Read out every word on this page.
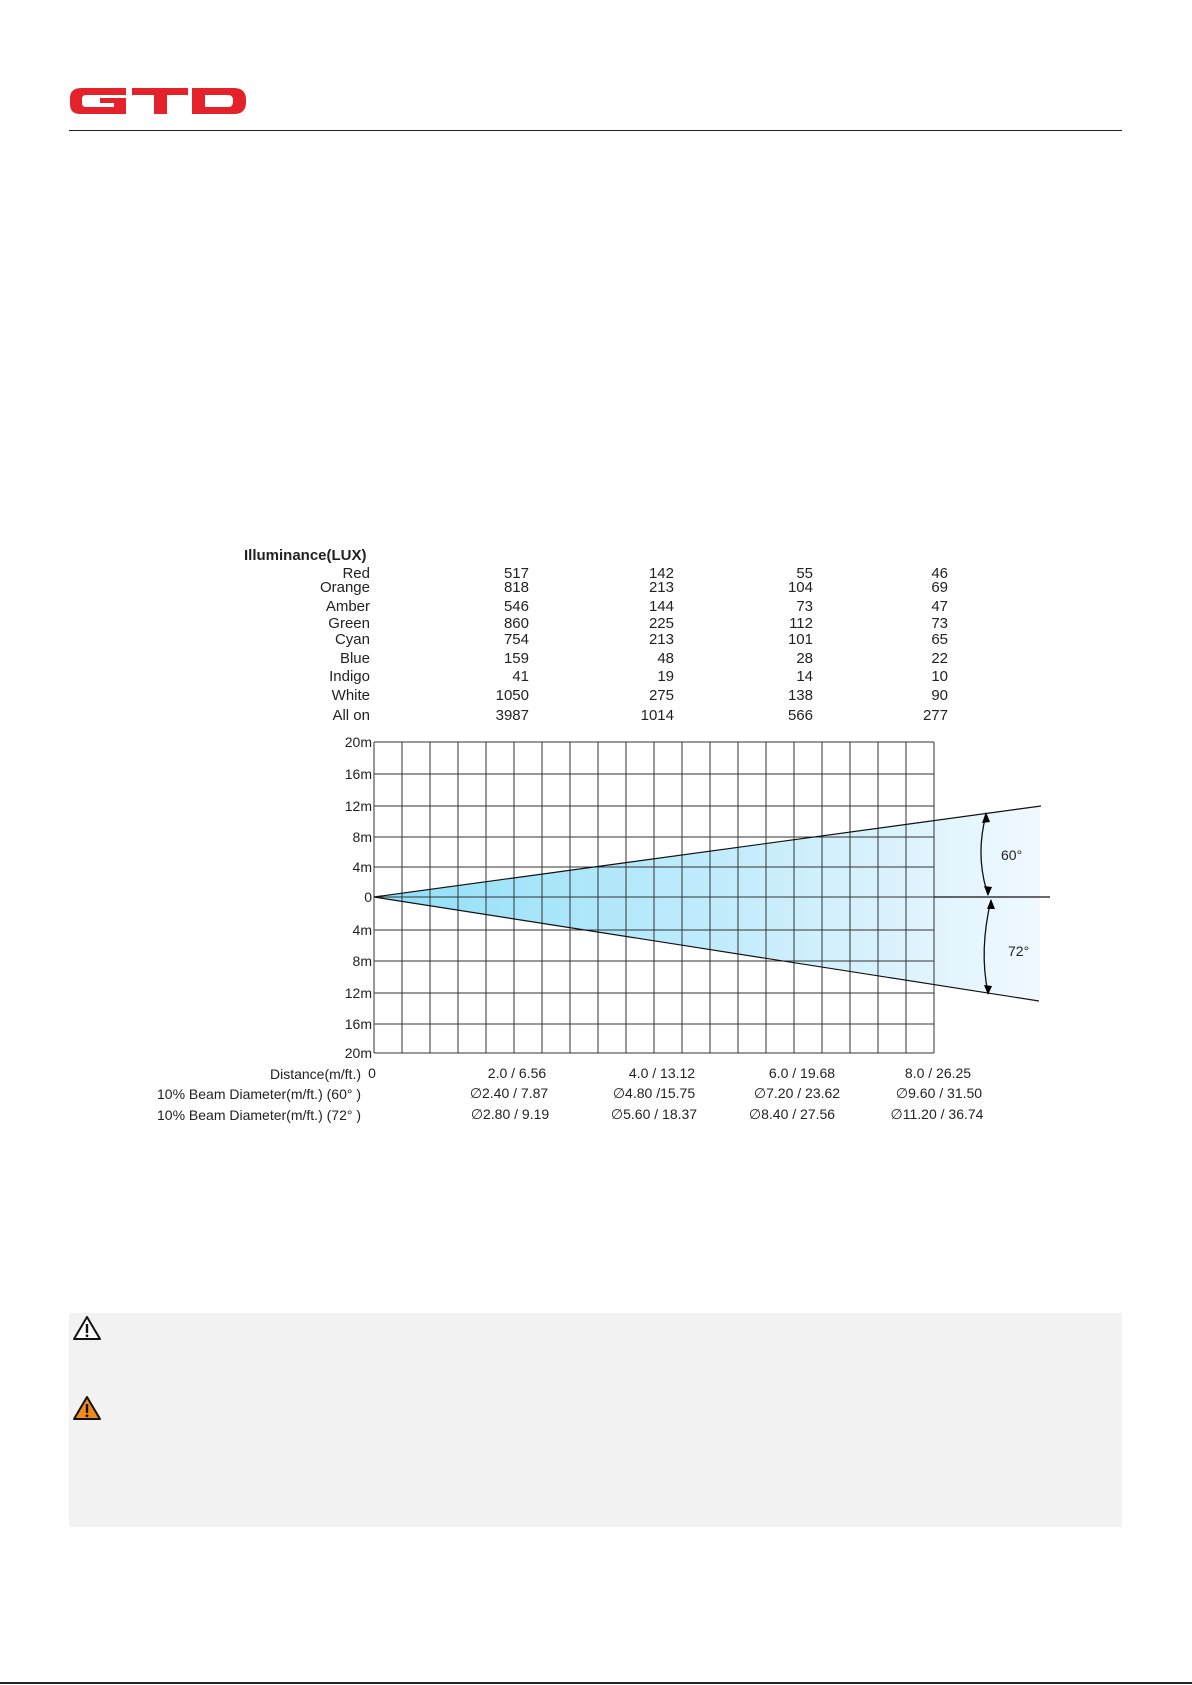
Illuminance(LUX)
Red	517	142	55	46
Orange	818	213	104	69
Amber	546	144	73	47
Green	860	225	112	73
Cyan	754	213	101	65
Blue	159	48	28	22
Indigo	41	19	14	10
White	1050	275	138	90
All on	3987	1014	566	277
20m
16m
12m
8m
4m
0
4m
8m
12m
16m
20m
60°
72°
Distance(m/ft.) 0	2.0 / 6.56	4.0 / 13.12	6.0 / 19.68	8.0 / 26.25
10% Beam Diameter(m/ft.) (60° )	∅2.40 / 7.87	∅4.80 /15.75	∅7.20 / 23.62	∅9.60 / 31.50
10% Beam Diameter(m/ft.) (72° )	∅2.80 / 9.19	∅5.60 / 18.37	∅8.40 / 27.56	∅11.20 / 36.74
